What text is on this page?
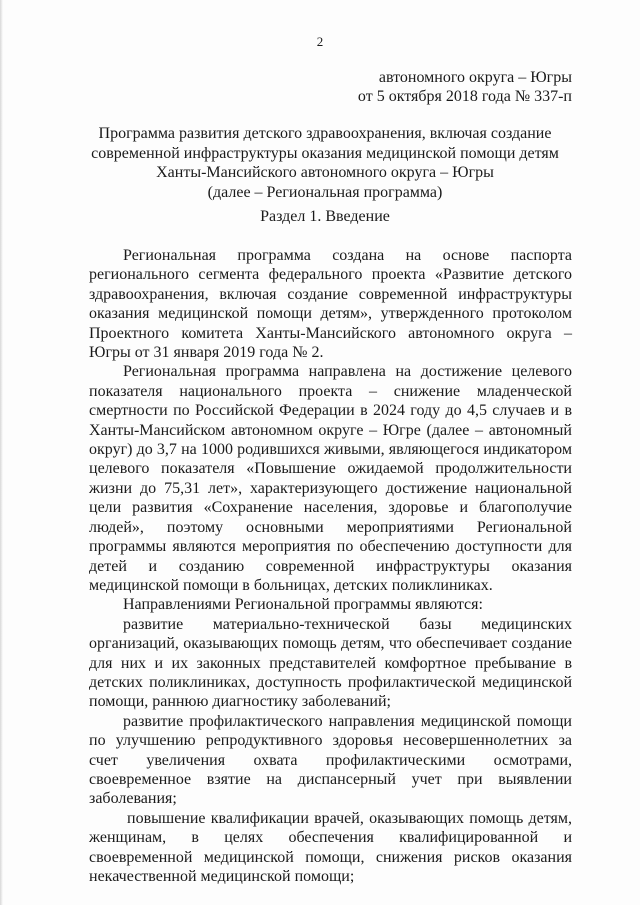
2
автономного округа – Югры
от 5 октября 2018 года № 337-п
Программа развития детского здравоохранения, включая создание
современной инфраструктуры оказания медицинской помощи детям
Ханты-Мансийского автономного округа – Югры
(далее – Региональная программа)
Раздел 1. Введение

Региональная программа создана на основе паспорта регионального сегмента федерального проекта «Развитие детского здравоохранения, включая создание современной инфраструктуры оказания медицинской помощи детям», утвержденного протоколом Проектного комитета Ханты-Мансийского автономного округа – Югры от 31 января 2019 года № 2.

Региональная программа направлена на достижение целевого показателя национального проекта – снижение младенческой смертности по Российской Федерации в 2024 году до 4,5 случаев и в Ханты-Мансийском автономном округе – Югре (далее – автономный округ) до 3,7 на 1000 родившихся живыми, являющегося индикатором целевого показателя «Повышение ожидаемой продолжительности жизни до 75,31 лет», характеризующего достижение национальной цели развития «Сохранение населения, здоровье и благополучие людей», поэтому основными мероприятиями Региональной программы являются мероприятия по обеспечению доступности для детей и созданию современной инфраструктуры оказания медицинской помощи в больницах, детских поликлиниках.

Направлениями Региональной программы являются:

развитие материально-технической базы медицинских организаций, оказывающих помощь детям, что обеспечивает создание для них и их законных представителей комфортное пребывание в детских поликлиниках, доступность профилактической медицинской помощи, раннюю диагностику заболеваний;

развитие профилактического направления медицинской помощи по улучшению репродуктивного здоровья несовершеннолетних за счет увеличения охвата профилактическими осмотрами, своевременное взятие на диспансерный учет при выявлении заболевания;

повышение квалификации врачей, оказывающих помощь детям, женщинам, в целях обеспечения квалифицированной и своевременной медицинской помощи, снижения рисков оказания некачественной медицинской помощи;
